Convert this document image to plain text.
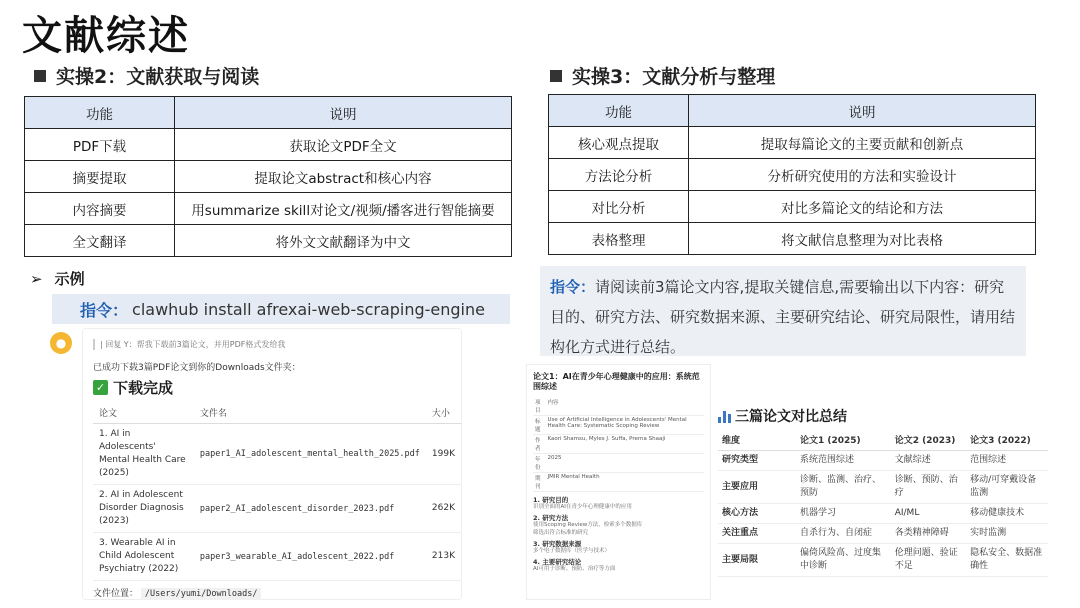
文献综述
实操2：文献获取与阅读
功能	说明
PDF下载	获取论文PDF全文
摘要提取	提取论文abstract和核心内容
内容摘要	用summarize skill对论文/视频/播客进行智能摘要
全文翻译	将外文文献翻译为中文
➢ 示例
指令： clawhub install afrexai-web-scraping-engine
●	| 回复 Y：帮我下载前3篇论文，并用PDF格式发给我
已成功下载3篇PDF论文到你的Downloads文件夹：
✓ 下载完成
论文	文件名	大小
1. AI in Adolescents' Mental Health Care (2025)	paper1_AI_adolescent_mental_health_2025.pdf	199K
2. AI in Adolescent Disorder Diagnosis (2023)	paper2_AI_adolescent_disorder_2023.pdf	262K
3. Wearable AI in Child Adolescent Psychiatry (2022)	paper3_wearable_AI_adolescent_2022.pdf	213K
文件位置： /Users/yumi/Downloads/
实操3：文献分析与整理
功能	说明
核心观点提取	提取每篇论文的主要贡献和创新点
方法论分析	分析研究使用的方法和实验设计
对比分析	对比多篇论文的结论和方法
表格整理	将文献信息整理为对比表格
指令：请阅读前3篇论文内容,提取关键信息,需要输出以下内容：研究目的、研究方法、研究数据来源、主要研究结论、研究局限性，请用结构化方式进行总结。
论文1：AI在青少年心理健康中的应用：系统范围综述
项目	内容
标题	Use of Artificial Intelligence in Adolescents' Mental Health Care: Systematic Scoping Review
作者	Kaori Shamsu, Myles J. Suffa, Prerna Shaaji
年份	2025
期刊	JMIR Mental Health
1. 研究目的
识别全面的AI在青少年心理健康中的应用
2. 研究方法
使用Scoping Review方法，检索多个数据库
筛选出符合标准的研究
3. 研究数据来源
多个电子数据库（医学与技术）
4. 主要研究结论
AI可用于诊断、预防、治疗等方面
三篇论文对比总结
维度	论文1 (2025)	论文2 (2023)	论文3 (2022)
研究类型	系统范围综述	文献综述	范围综述
主要应用	诊断、监测、治疗、预防	诊断、预防、治疗	移动/可穿戴设备监测
核心方法	机器学习	AI/ML	移动健康技术
关注重点	自杀行为、自闭症	各类精神障碍	实时监测
主要局限	偏倚风险高、过度集中诊断	伦理问题、验证不足	隐私安全、数据准确性
